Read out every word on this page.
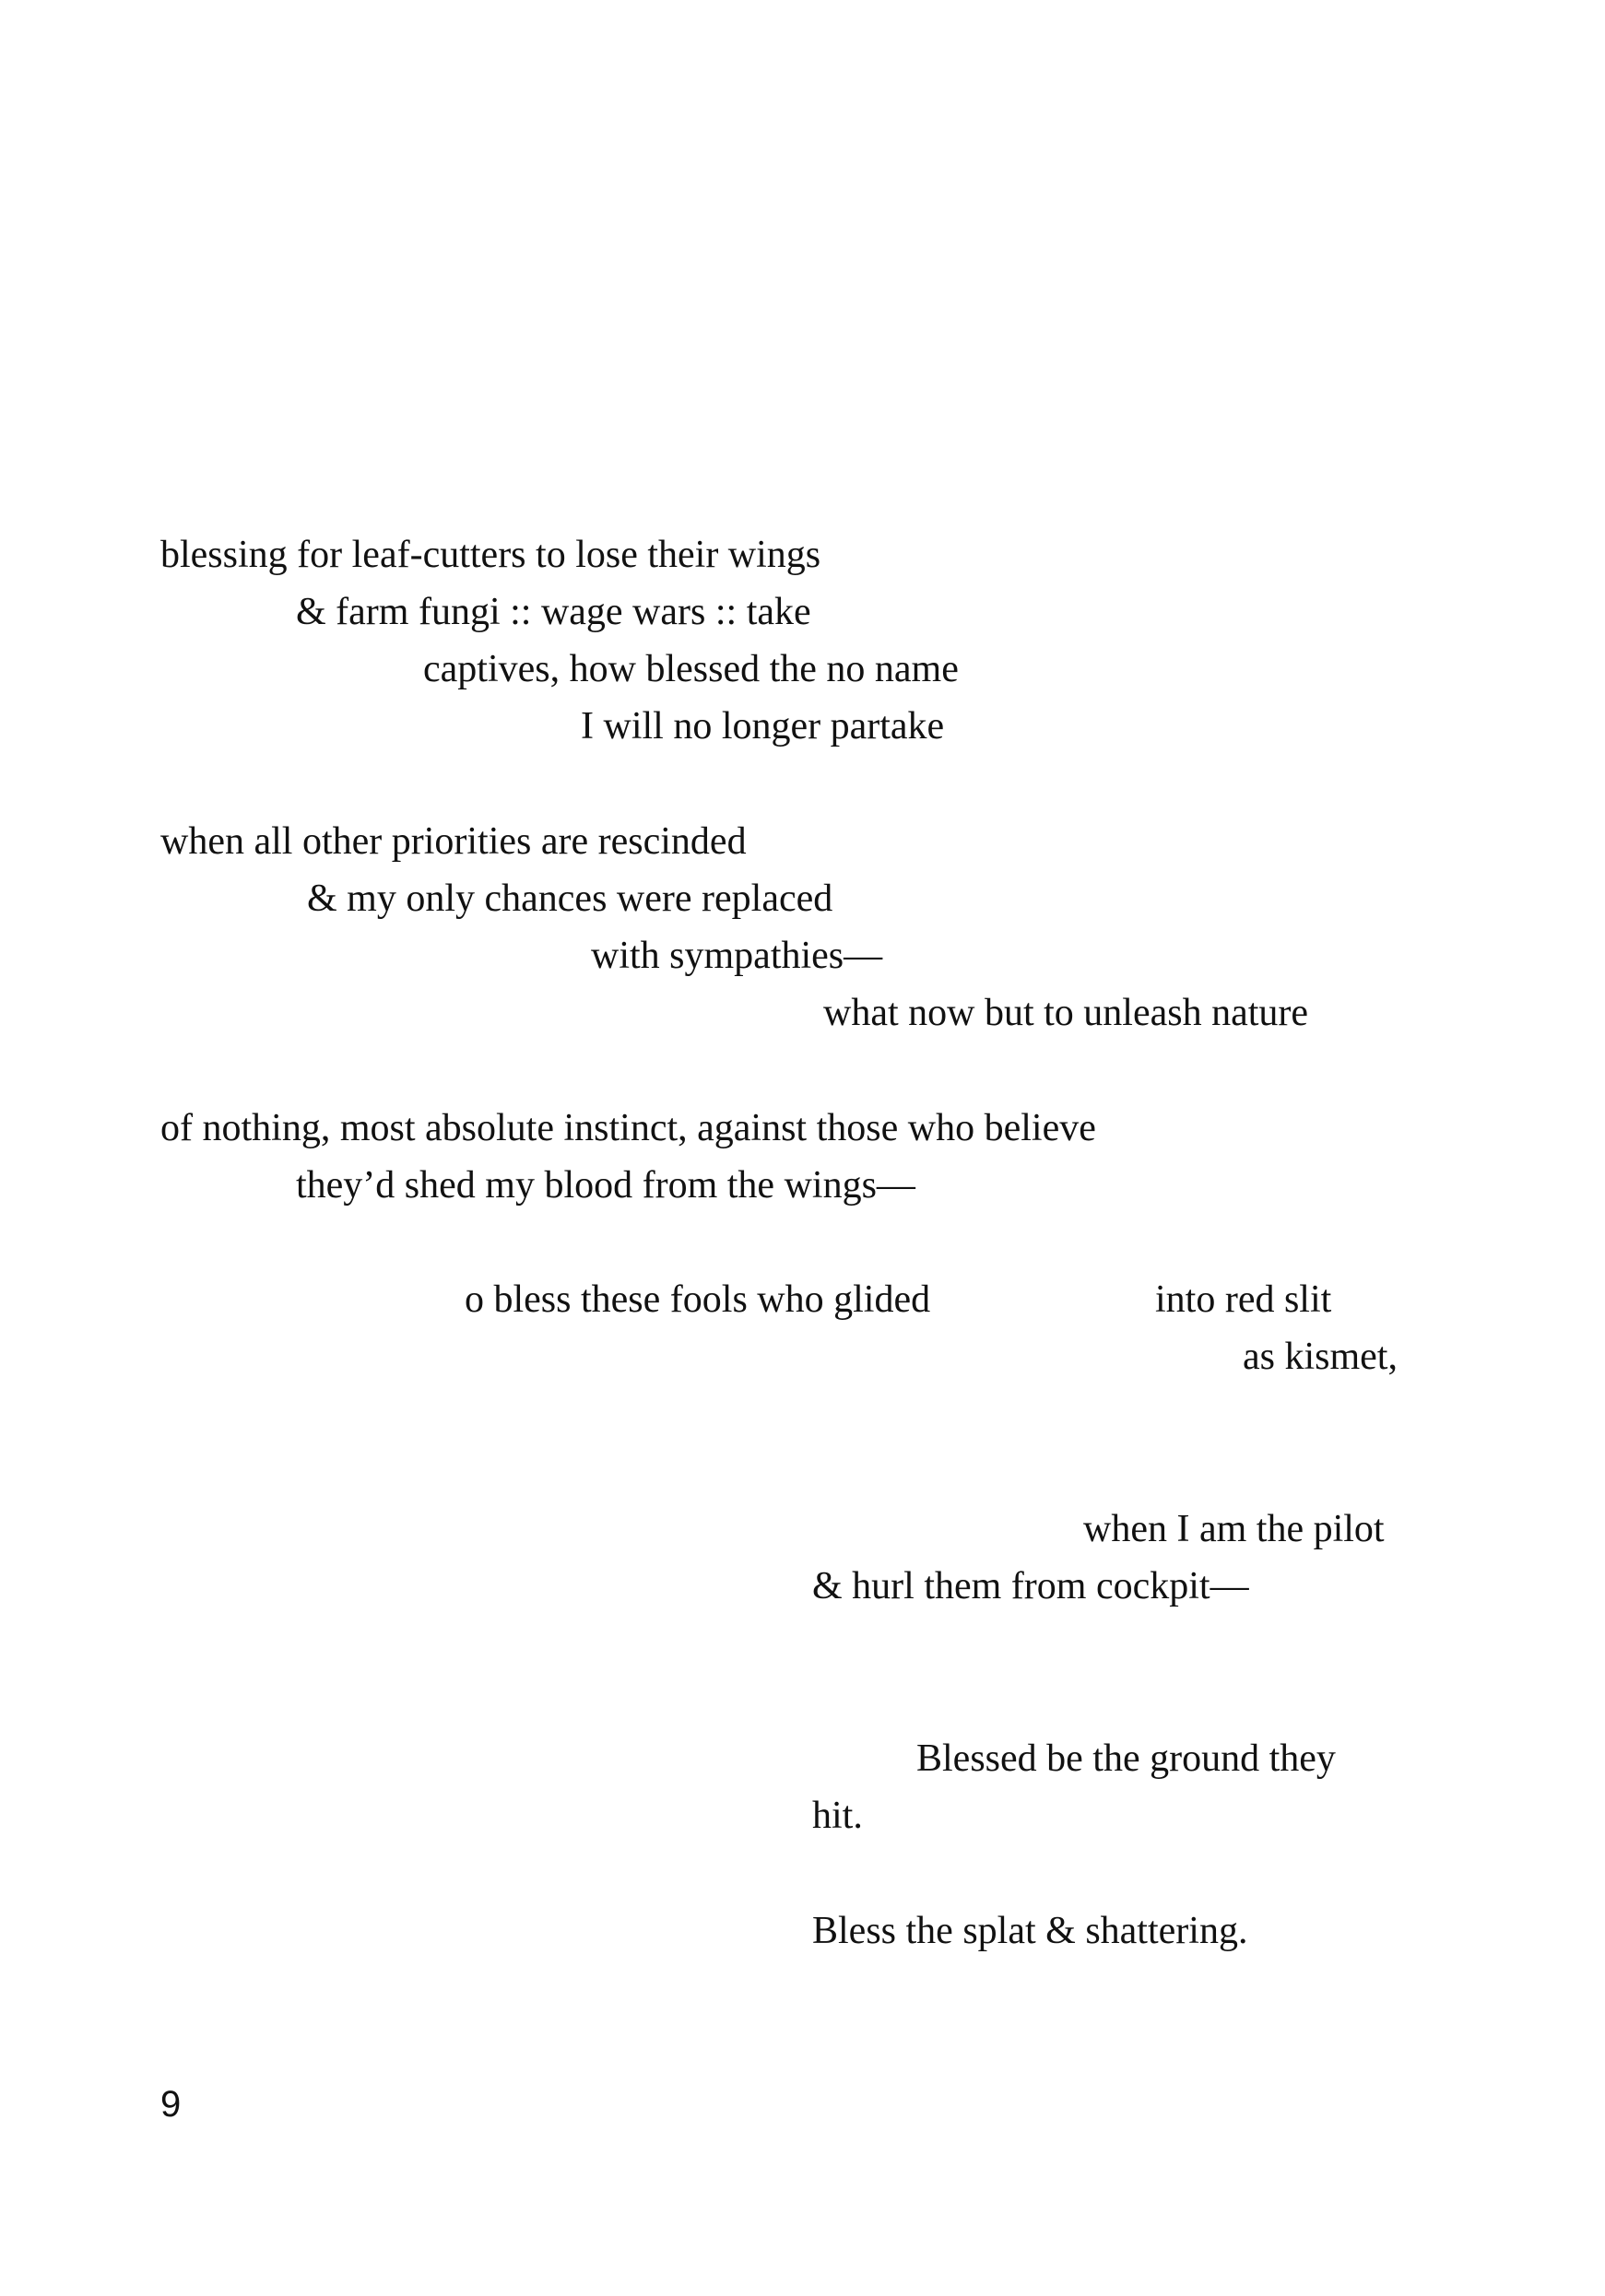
blessing for leaf-cutters to lose their wings
& farm fungi :: wage wars :: take
captives, how blessed the no name
I will no longer partake
when all other priorities are rescinded
& my only chances were replaced
with sympathies—
what now but to unleash nature
of nothing, most absolute instinct, against those who believe
they’d shed my blood from the wings—
o bless these fools who glided	into red slit
as kismet,
when I am the pilot
& hurl them from cockpit—
Blessed be the ground they
hit.
Bless the splat & shattering.
9
